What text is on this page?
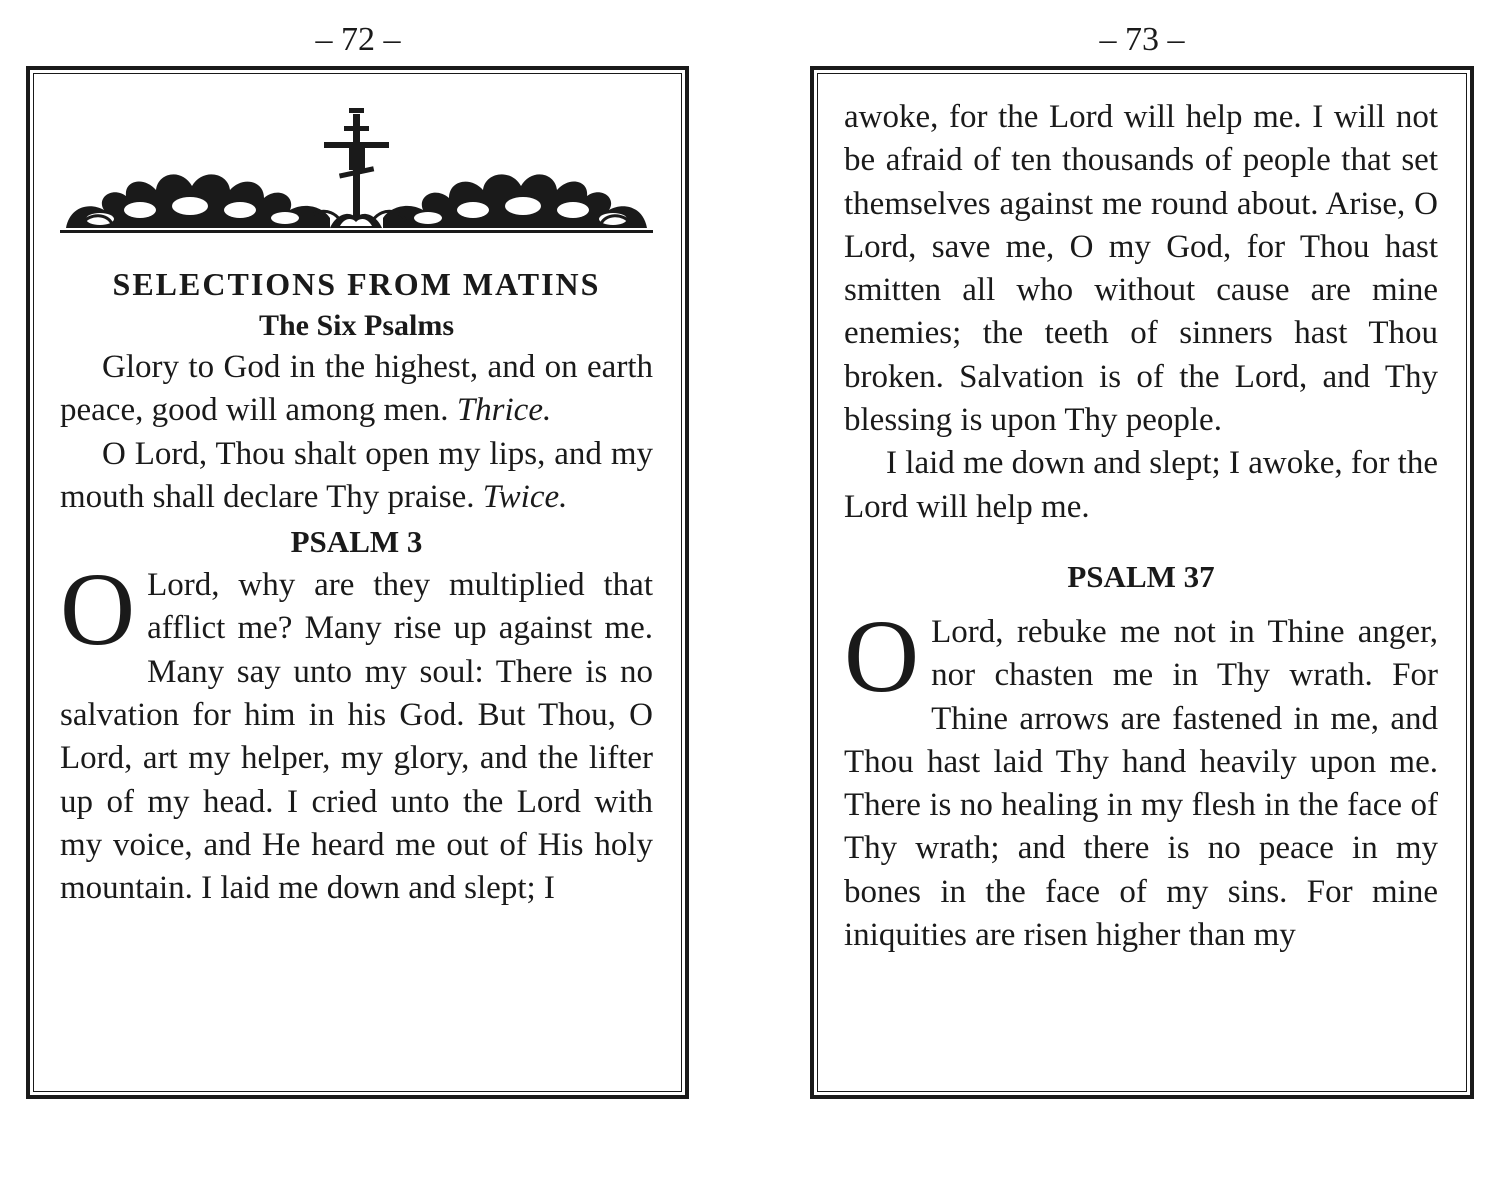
– 72 –	– 73 –
SELECTIONS FROM MATINS
The Six Psalms

Glory to God in the highest, and on earth peace, good will among men. Thrice.

O Lord, Thou shalt open my lips, and my mouth shall declare Thy praise. Twice.

PSALM 3

O Lord, why are they multiplied that afflict me? Many rise up against me. Many say unto my soul: There is no salvation for him in his God. But Thou, O Lord, art my helper, my glory, and the lifter up of my head. I cried unto the Lord with my voice, and He heard me out of His holy mountain. I laid me down and slept; I

awoke, for the Lord will help me. I will not be afraid of ten thousands of people that set themselves against me round about. Arise, O Lord, save me, O my God, for Thou hast smitten all who without cause are mine enemies; the teeth of sinners hast Thou broken. Salvation is of the Lord, and Thy blessing is upon Thy people.

I laid me down and slept; I awoke, for the Lord will help me.

PSALM 37

O Lord, rebuke me not in Thine anger, nor chasten me in Thy wrath. For Thine arrows are fastened in me, and Thou hast laid Thy hand heavily upon me. There is no healing in my flesh in the face of Thy wrath; and there is no peace in my bones in the face of my sins. For mine iniquities are risen higher than my
